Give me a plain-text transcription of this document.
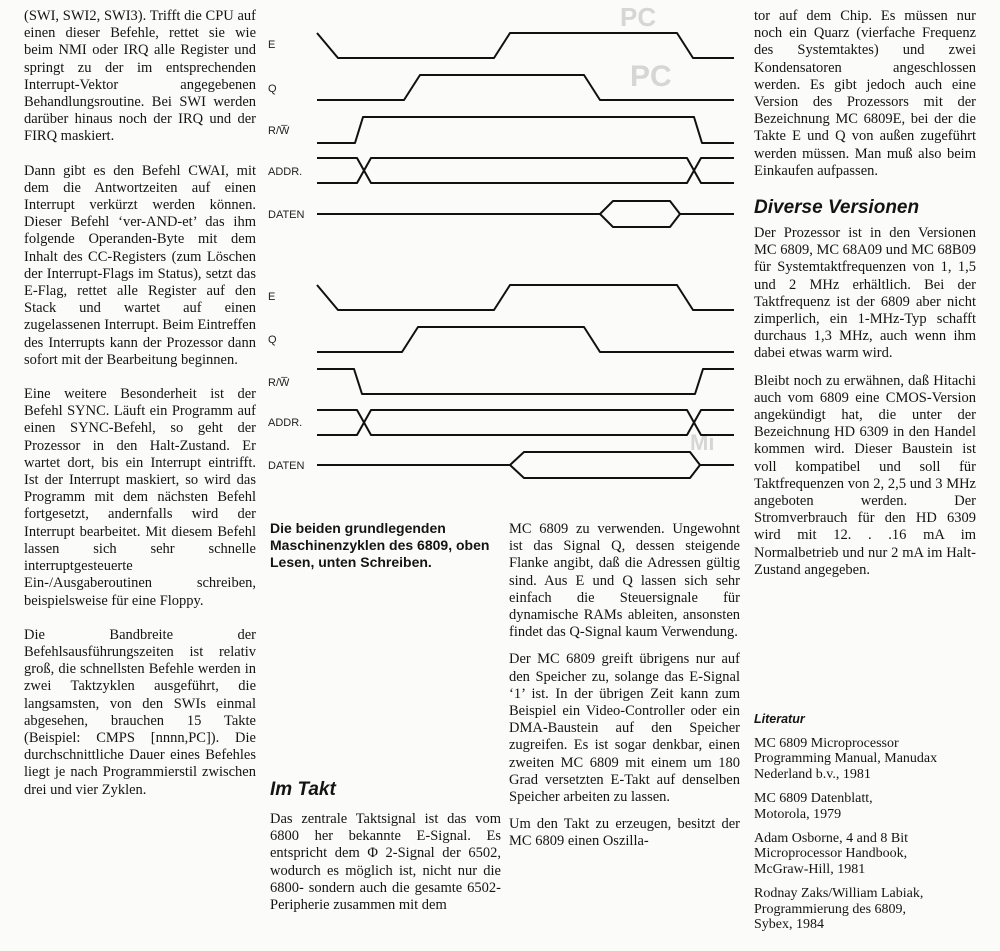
PC
PC
Mi

(SWI, SWI2, SWI3). Trifft die CPU auf einen dieser Befehle, rettet sie wie beim NMI oder IRQ alle Register und springt zu der im entsprechenden Interrupt-Vektor angegebenen Behandlungsroutine. Bei SWI werden darüber hinaus noch der IRQ und der FIRQ maskiert.

Dann gibt es den Befehl CWAI, mit dem die Antwortzeiten auf einen Interrupt verkürzt werden können. Dieser Befehl ‘ver-AND-et’ das ihm folgende Operanden-Byte mit dem Inhalt des CC-Registers (zum Löschen der Interrupt-Flags im Status), setzt das E-Flag, rettet alle Register auf den Stack und wartet auf einen zugelassenen Interrupt. Beim Eintreffen des Interrupts kann der Prozessor dann sofort mit der Bearbeitung beginnen.

Eine weitere Besonderheit ist der Befehl SYNC. Läuft ein Programm auf einen SYNC-Befehl, so geht der Prozessor in den Halt-Zustand. Er wartet dort, bis ein Interrupt eintrifft. Ist der Interrupt maskiert, so wird das Programm mit dem nächsten Befehl fortgesetzt, andernfalls wird der Interrupt bearbeitet. Mit diesem Befehl lassen sich sehr schnelle interruptgesteuerte Ein-/Ausgaberoutinen schreiben, beispielsweise für eine Floppy.

Die Bandbreite der Befehlsausführungszeiten ist relativ groß, die schnellsten Befehle werden in zwei Taktzyklen ausgeführt, die langsamsten, von den SWIs einmal abgesehen, brauchen 15 Takte (Beispiel: CMPS [nnnn,PC]). Die durchschnittliche Dauer eines Befehles liegt je nach Programmierstil zwischen drei und vier Zyklen.

E
Q
R/W̅
ADDR.
DATEN
E
Q
R/W̅
ADDR.
DATEN

Die beiden grundlegenden Maschinenzyklen des 6809, oben Lesen, unten Schreiben.

Im Takt

Das zentrale Taktsignal ist das vom 6800 her bekannte E-Signal. Es entspricht dem Φ 2-Signal der 6502, wodurch es möglich ist, nicht nur die 6800- sondern auch die gesamte 6502-Peripherie zusammen mit dem

MC 6809 zu verwenden. Ungewohnt ist das Signal Q, dessen steigende Flanke angibt, daß die Adressen gültig sind. Aus E und Q lassen sich sehr einfach die Steuersignale für dynamische RAMs ableiten, ansonsten findet das Q-Signal kaum Verwendung.

Der MC 6809 greift übrigens nur auf den Speicher zu, solange das E-Signal ‘1’ ist. In der übrigen Zeit kann zum Beispiel ein Video-Controller oder ein DMA-Baustein auf den Speicher zugreifen. Es ist sogar denkbar, einen zweiten MC 6809 mit einem um 180 Grad versetzten E-Takt auf denselben Speicher arbeiten zu lassen.

Um den Takt zu erzeugen, besitzt der MC 6809 einen Oszilla-

tor auf dem Chip. Es müssen nur noch ein Quarz (vierfache Frequenz des Systemtaktes) und zwei Kondensatoren angeschlossen werden. Es gibt jedoch auch eine Version des Prozessors mit der Bezeichnung MC 6809E, bei der die Takte E und Q von außen zugeführt werden müssen. Man muß also beim Einkaufen aufpassen.

Diverse Versionen

Der Prozessor ist in den Versionen MC 6809, MC 68A09 und MC 68B09 für Systemtaktfrequenzen von 1, 1,5 und 2 MHz erhältlich. Bei der Taktfrequenz ist der 6809 aber nicht zimperlich, ein 1-MHz-Typ schafft durchaus 1,3 MHz, auch wenn ihm dabei etwas warm wird.

Bleibt noch zu erwähnen, daß Hitachi auch vom 6809 eine CMOS-Version angekündigt hat, die unter der Bezeichnung HD 6309 in den Handel kommen wird. Dieser Baustein ist voll kompatibel und soll für Taktfrequenzen von 2, 2,5 und 3 MHz angeboten werden. Der Stromverbrauch für den HD 6309 wird mit 12. . .16 mA im Normalbetrieb und nur 2 mA im Halt-Zustand angegeben.

Literatur

MC 6809 Microprocessor
Programming Manual, Manudax
Nederland b.v., 1981

MC 6809 Datenblatt,
Motorola, 1979

Adam Osborne, 4 and 8 Bit
Microprocessor Handbook,
McGraw-Hill, 1981

Rodnay Zaks/William Labiak,
Programmierung des 6809,
Sybex, 1984
